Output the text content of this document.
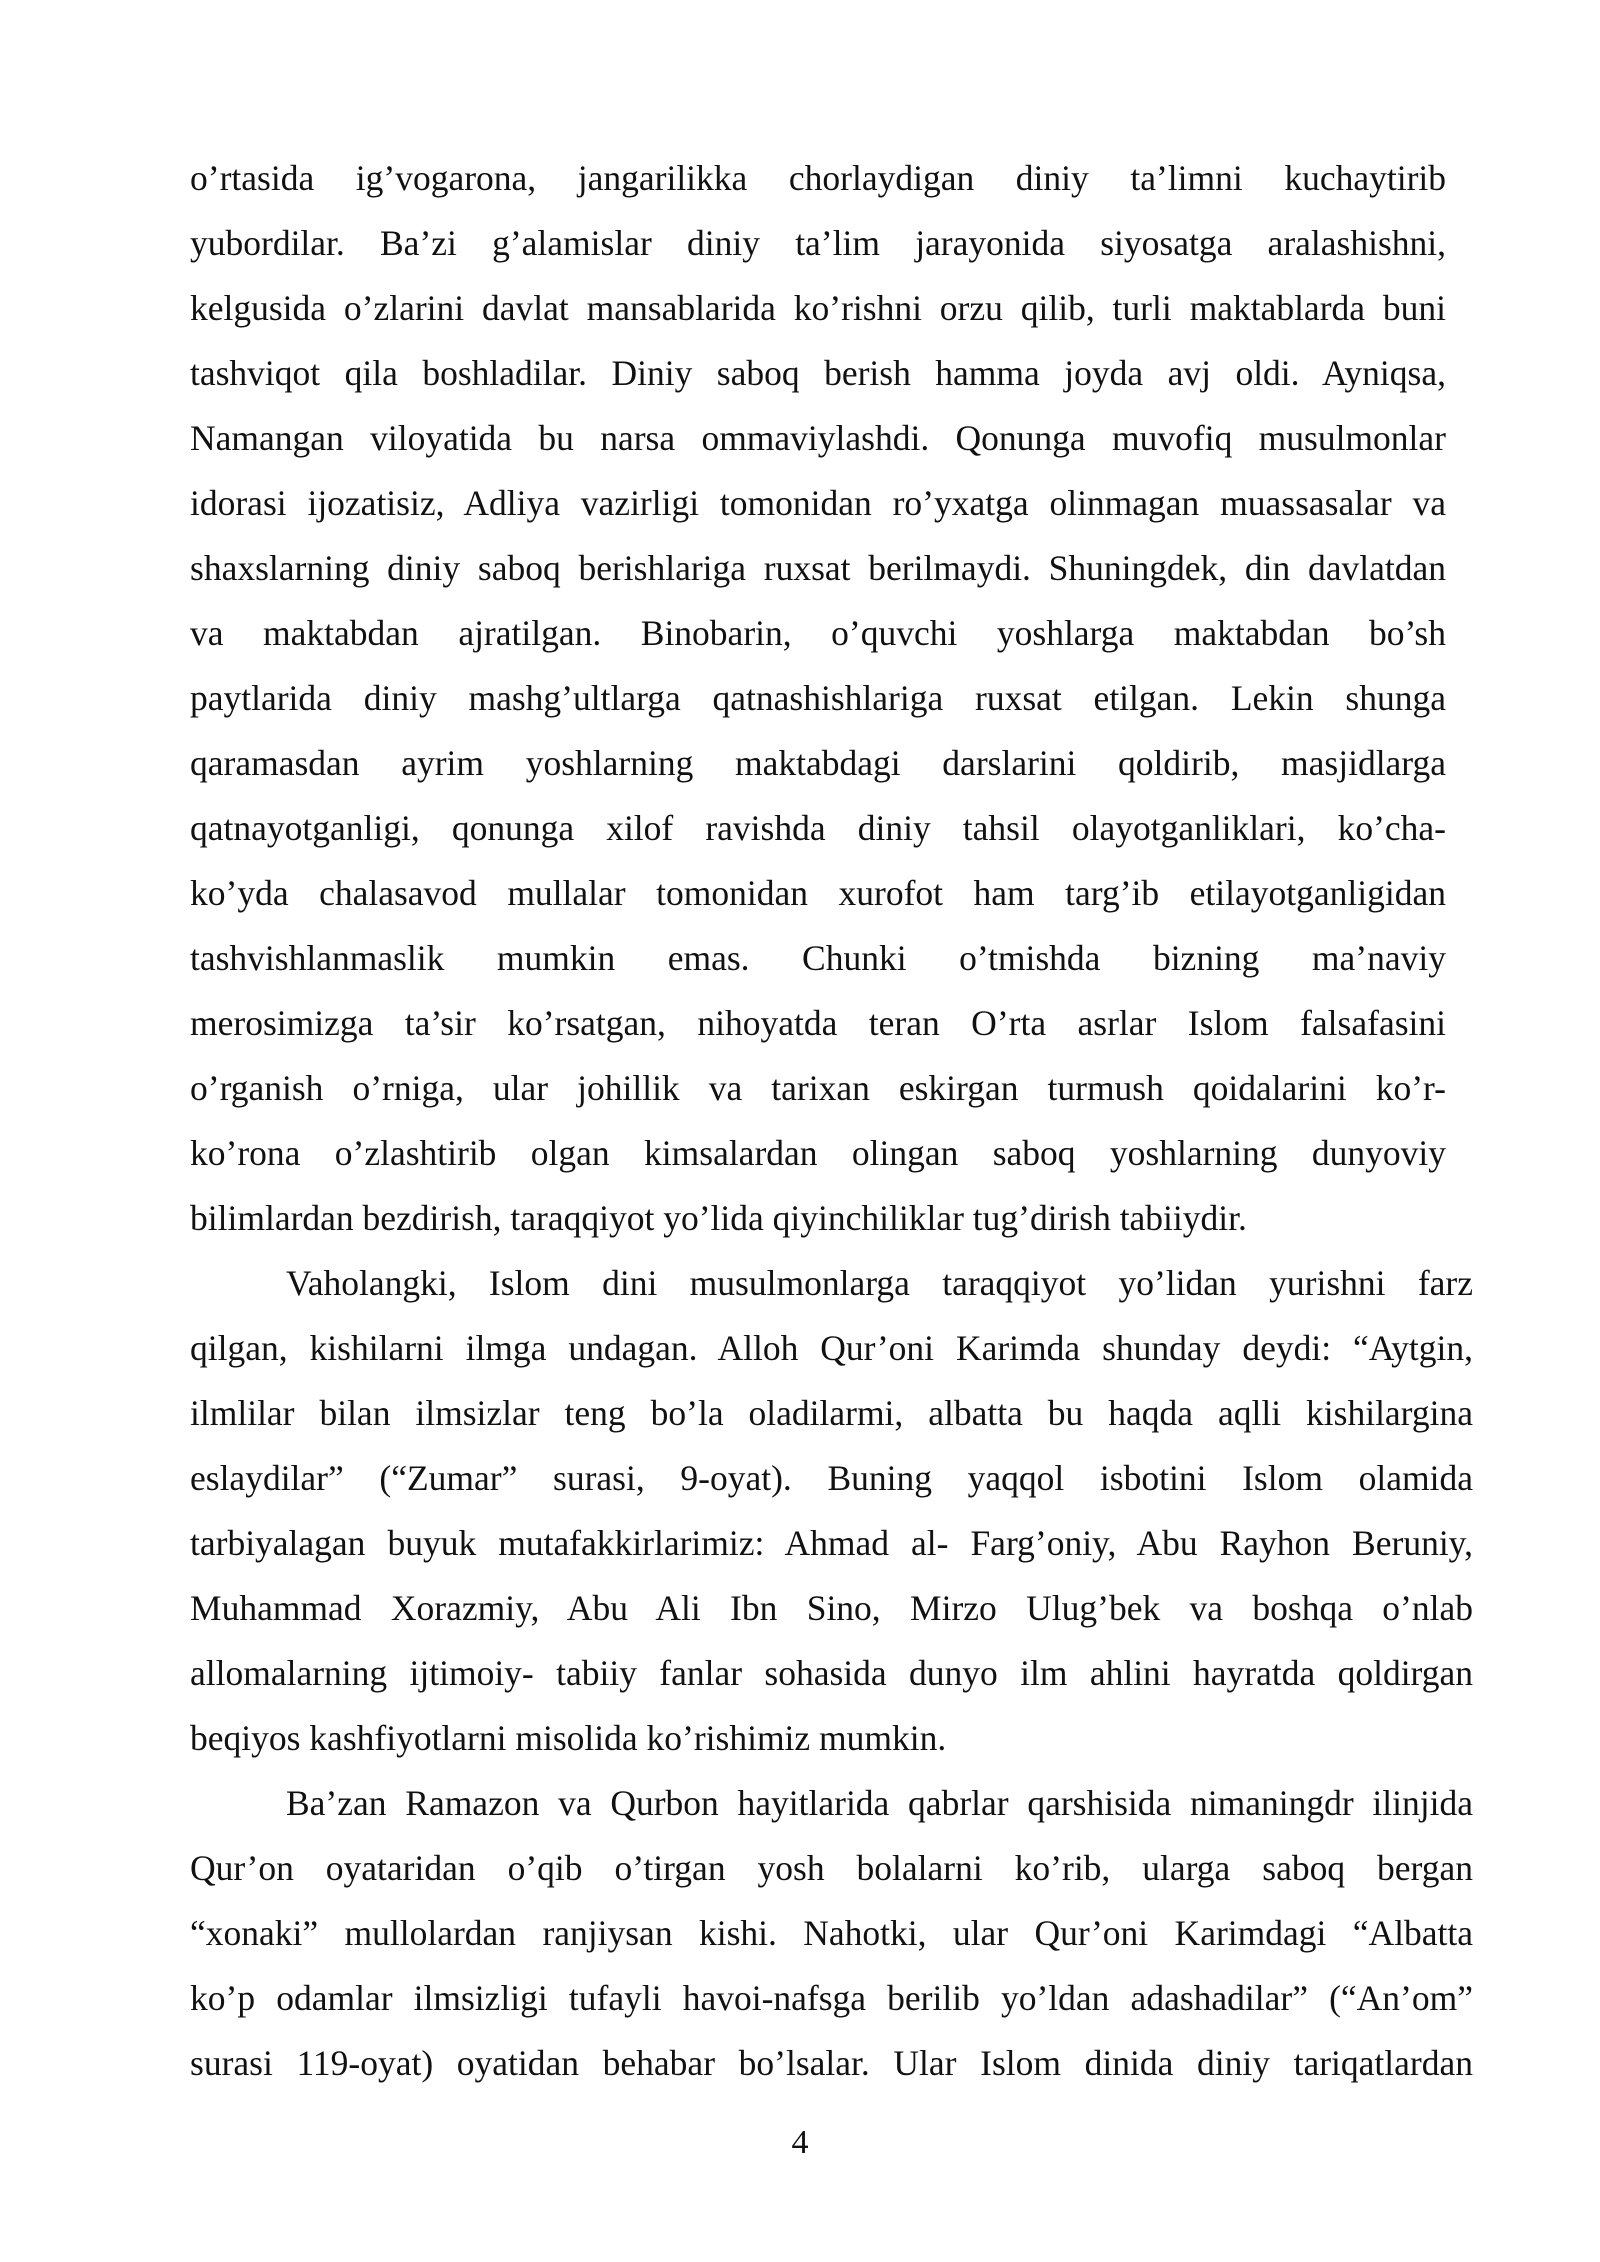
o’rtasida ig’vogarona, jangarilikka chorlaydigan diniy ta’limni kuchaytirib
yubordilar. Ba’zi g’alamislar diniy ta’lim jarayonida siyosatga aralashishni,
kelgusida o’zlarini davlat mansablarida ko’rishni orzu qilib, turli maktablarda buni
tashviqot qila boshladilar. Diniy saboq berish hamma joyda avj oldi. Ayniqsa,
Namangan viloyatida bu narsa ommaviylashdi. Qonunga muvofiq musulmonlar
idorasi ijozatisiz, Adliya vazirligi tomonidan ro’yxatga olinmagan muassasalar va
shaxslarning diniy saboq berishlariga ruxsat berilmaydi. Shuningdek, din davlatdan
va maktabdan ajratilgan. Binobarin, o’quvchi yoshlarga maktabdan bo’sh
paytlarida diniy mashg’ultlarga qatnashishlariga ruxsat etilgan. Lekin shunga
qaramasdan ayrim yoshlarning maktabdagi darslarini qoldirib, masjidlarga
qatnayotganligi, qonunga xilof ravishda diniy tahsil olayotganliklari, ko’cha-
ko’yda chalasavod mullalar tomonidan xurofot ham targ’ib etilayotganligidan
tashvishlanmaslik mumkin emas. Chunki o’tmishda bizning ma’naviy
merosimizga ta’sir ko’rsatgan, nihoyatda teran O’rta asrlar Islom falsafasini
o’rganish o’rniga, ular johillik va tarixan eskirgan turmush qoidalarini ko’r-
ko’rona o’zlashtirib olgan kimsalardan olingan saboq yoshlarning dunyoviy
bilimlardan bezdirish, taraqqiyot yo’lida qiyinchiliklar tug’dirish tabiiydir.
Vaholangki, Islom dini musulmonlarga taraqqiyot yo’lidan yurishni farz
qilgan, kishilarni ilmga undagan. Alloh Qur’oni Karimda shunday deydi: “Aytgin,
ilmlilar bilan ilmsizlar teng bo’la oladilarmi, albatta bu haqda aqlli kishilargina
eslaydilar” (“Zumar” surasi, 9-oyat). Buning yaqqol isbotini Islom olamida
tarbiyalagan buyuk mutafakkirlarimiz: Ahmad al- Farg’oniy, Abu Rayhon Beruniy,
Muhammad Xorazmiy, Abu Ali Ibn Sino, Mirzo Ulug’bek va boshqa o’nlab
allomalarning ijtimoiy- tabiiy fanlar sohasida dunyo ilm ahlini hayratda qoldirgan
beqiyos kashfiyotlarni misolida ko’rishimiz mumkin.
Ba’zan Ramazon va Qurbon hayitlarida qabrlar qarshisida nimaningdr ilinjida
Qur’on oyataridan o’qib o’tirgan yosh bolalarni ko’rib, ularga saboq bergan
“xonaki” mullolardan ranjiysan kishi. Nahotki, ular Qur’oni Karimdagi “Albatta
ko’p odamlar ilmsizligi tufayli havoi-nafsga berilib yo’ldan adashadilar” (“An’om”
surasi 119-oyat) oyatidan behabar bo’lsalar. Ular Islom dinida diniy tariqatlardan
4
